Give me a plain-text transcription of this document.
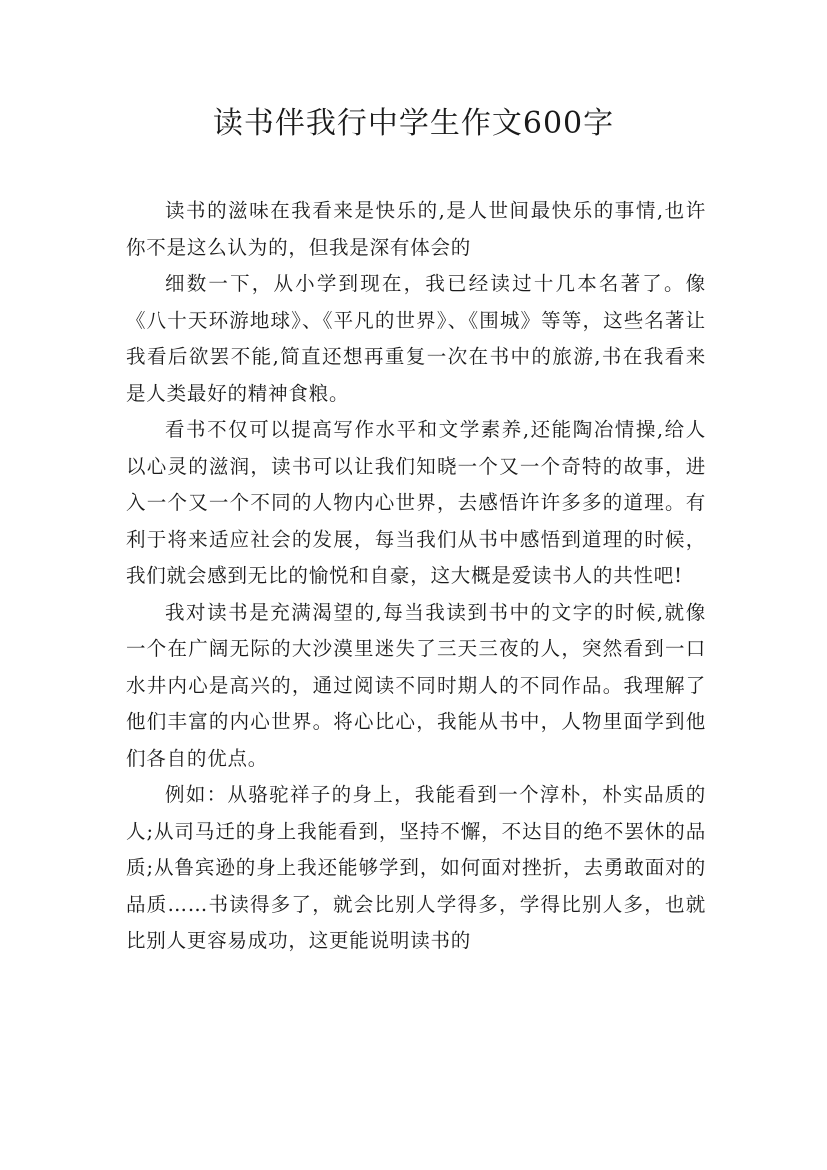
读书伴我行中学生作文600字

读书的滋味在我看来是快乐的,是人世间最快乐的事情,也许你不是这么认为的，但我是深有体会的

细数一下，从小学到现在，我已经读过十几本名著了。像《八十天环游地球》、《平凡的世界》、《围城》等等，这些名著让我看后欲罢不能,简直还想再重复一次在书中的旅游,书在我看来是人类最好的精神食粮。

看书不仅可以提高写作水平和文学素养,还能陶冶情操,给人以心灵的滋润，读书可以让我们知晓一个又一个奇特的故事，进入一个又一个不同的人物内心世界，去感悟许许多多的道理。有利于将来适应社会的发展，每当我们从书中感悟到道理的时候，我们就会感到无比的愉悦和自豪，这大概是爱读书人的共性吧!

我对读书是充满渴望的,每当我读到书中的文字的时候,就像一个在广阔无际的大沙漠里迷失了三天三夜的人，突然看到一口水井内心是高兴的，通过阅读不同时期人的不同作品。我理解了他们丰富的内心世界。将心比心，我能从书中，人物里面学到他们各自的优点。

例如：从骆驼祥子的身上，我能看到一个淳朴，朴实品质的人;从司马迁的身上我能看到，坚持不懈，不达目的绝不罢休的品质;从鲁宾逊的身上我还能够学到，如何面对挫折，去勇敢面对的品质……书读得多了，就会比别人学得多，学得比别人多，也就比别人更容易成功，这更能说明读书的
